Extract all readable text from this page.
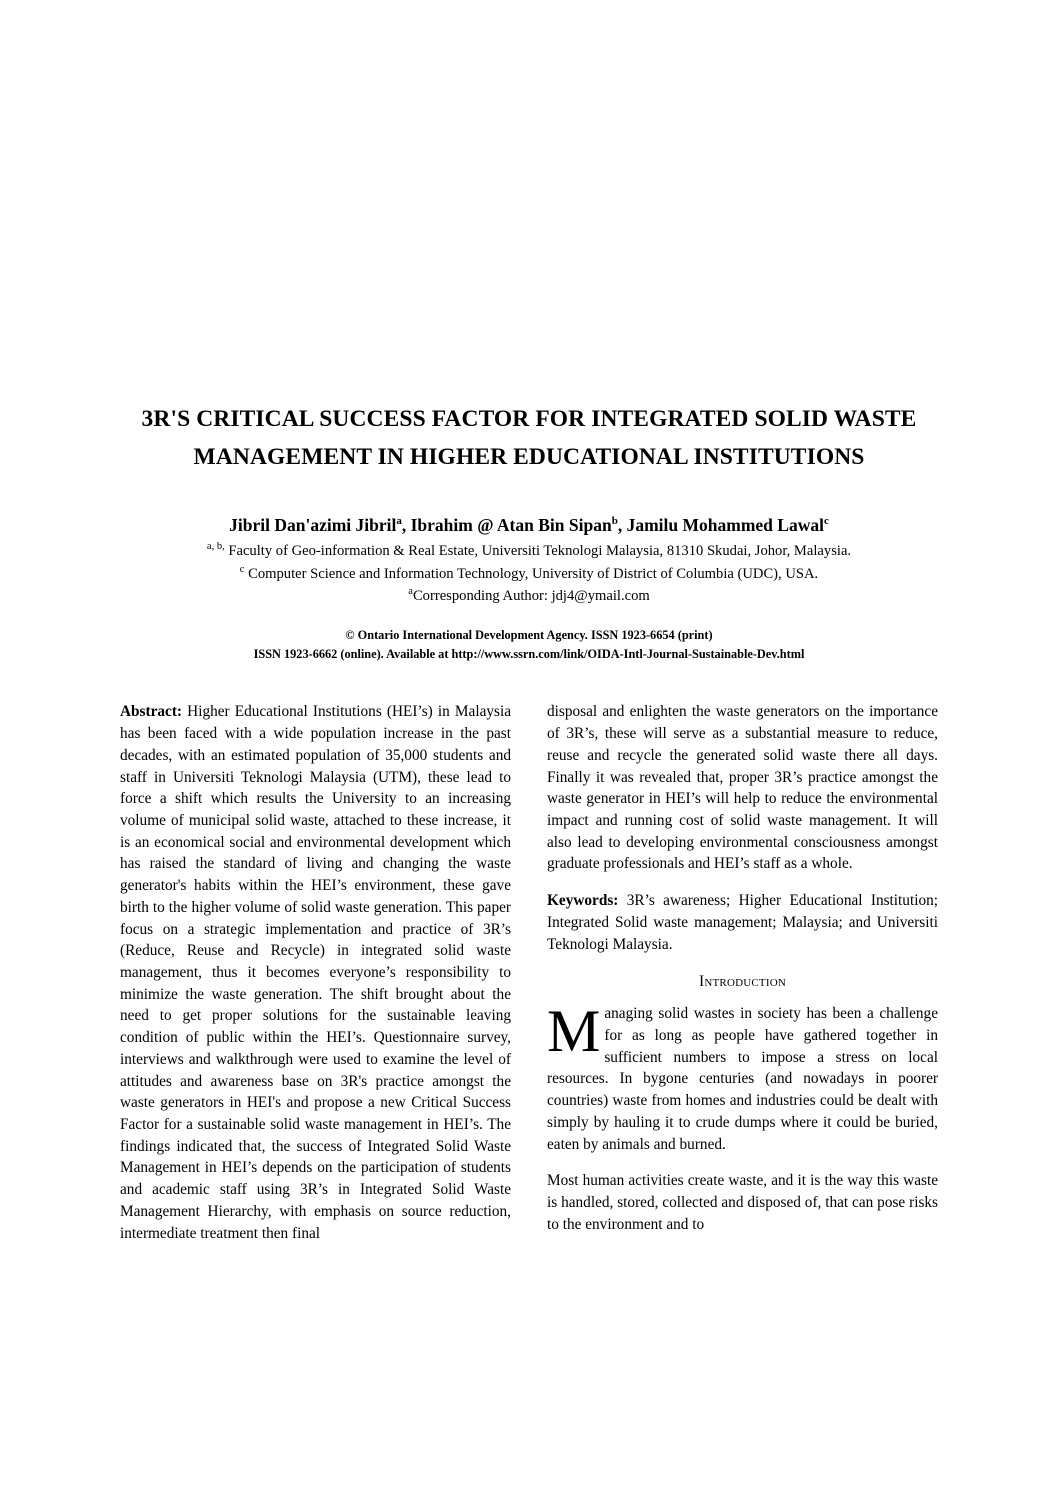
3R'S CRITICAL SUCCESS FACTOR FOR INTEGRATED SOLID WASTE MANAGEMENT IN HIGHER EDUCATIONAL INSTITUTIONS
Jibril Dan'azimi Jibril$^a$, Ibrahim @ Atan Bin Sipan$^b$, Jamilu Mohammed Lawal$^c$
$^{a, b,}$ Faculty of Geo-information & Real Estate, Universiti Teknologi Malaysia, 81310 Skudai, Johor, Malaysia.
$^c$ Computer Science and Information Technology, University of District of Columbia (UDC), USA.
$^a$Corresponding Author: jdj4@ymail.com
© Ontario International Development Agency. ISSN 1923-6654 (print)
ISSN 1923-6662 (online). Available at http://www.ssrn.com/link/OIDA-Intl-Journal-Sustainable-Dev.html

Abstract: Higher Educational Institutions (HEI’s) in Malaysia has been faced with a wide population increase in the past decades, with an estimated population of 35,000 students and staff in Universiti Teknologi Malaysia (UTM), these lead to force a shift which results the University to an increasing volume of municipal solid waste, attached to these increase, it is an economical social and environmental development which has raised the standard of living and changing the waste generator's habits within the HEI’s environment, these gave birth to the higher volume of solid waste generation. This paper focus on a strategic implementation and practice of 3R’s (Reduce, Reuse and Recycle) in integrated solid waste management, thus it becomes everyone’s responsibility to minimize the waste generation. The shift brought about the need to get proper solutions for the sustainable leaving condition of public within the HEI’s. Questionnaire survey, interviews and walkthrough were used to examine the level of attitudes and awareness base on 3R's practice amongst the waste generators in HEI's and propose a new Critical Success Factor for a sustainable solid waste management in HEI’s. The findings indicated that, the success of Integrated Solid Waste Management in HEI’s depends on the participation of students and academic staff using 3R’s in Integrated Solid Waste Management Hierarchy, with emphasis on source reduction, intermediate treatment then final

disposal and enlighten the waste generators on the importance of 3R’s, these will serve as a substantial measure to reduce, reuse and recycle the generated solid waste there all days. Finally it was revealed that, proper 3R’s practice amongst the waste generator in HEI’s will help to reduce the environmental impact and running cost of solid waste management. It will also lead to developing environmental consciousness amongst graduate professionals and HEI’s staff as a whole.

Keywords: 3R’s awareness; Higher Educational Institution; Integrated Solid waste management; Malaysia; and Universiti Teknologi Malaysia.

Introduction

Managing solid wastes in society has been a challenge for as long as people have gathered together in sufficient numbers to impose a stress on local resources. In bygone centuries (and nowadays in poorer countries) waste from homes and industries could be dealt with simply by hauling it to crude dumps where it could be buried, eaten by animals and burned.

Most human activities create waste, and it is the way this waste is handled, stored, collected and disposed of, that can pose risks to the environment and to
